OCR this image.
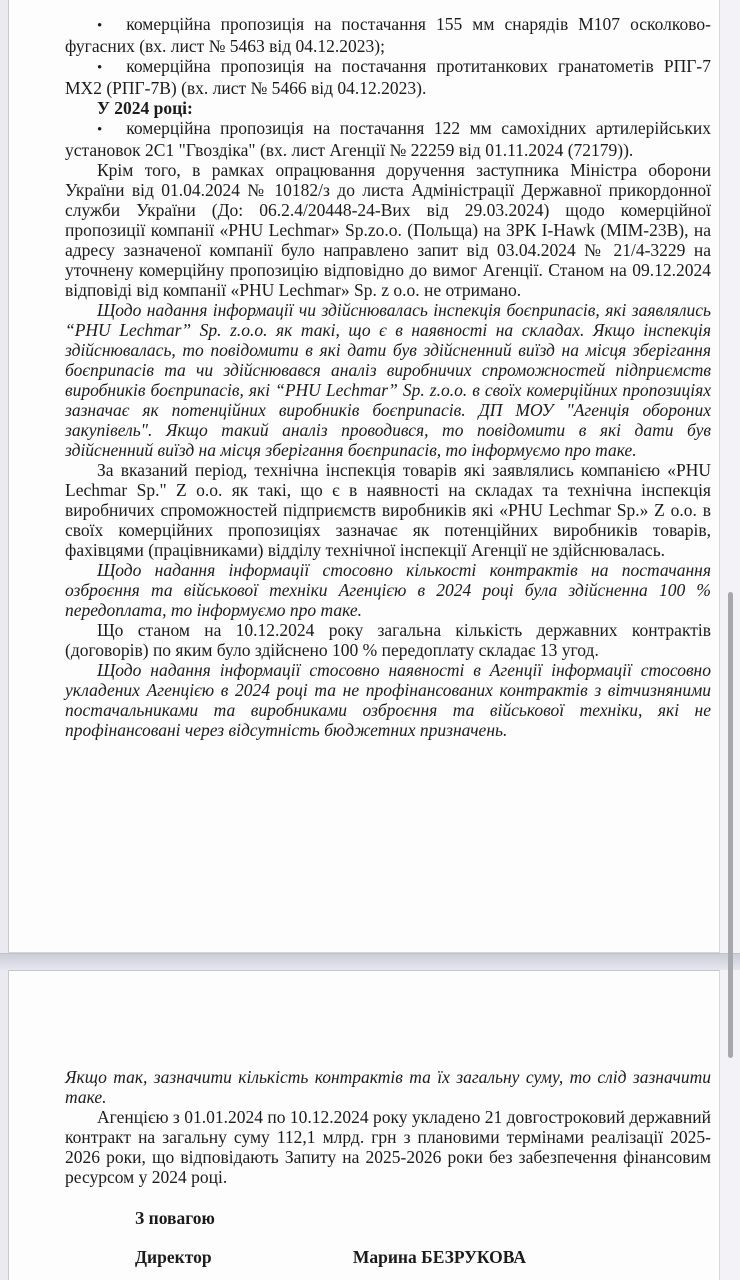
• комерційна пропозиція на постачання 155 мм снарядів М107 осколково-фугасних (вх. лист № 5463 від 04.12.2023);
• комерційна пропозиція на постачання протитанкових гранатометів РПГ-7 МХ2 (РПГ-7В) (вх. лист № 5466 від 04.12.2023).
У 2024 році:
• комерційна пропозиція на постачання 122 мм самохідних артилерійських установок 2С1 "Гвоздіка" (вх. лист Агенції № 22259 від 01.11.2024 (72179)).
Крім того, в рамках опрацювання доручення заступника Міністра оборони України від 01.04.2024 № 10182/з до листа Адміністрації Державної прикордонної служби України (До: 06.2.4/20448-24-Вих від 29.03.2024) щодо комерційної пропозиції компанії «PHU Lechmar» Sp.zo.o. (Польща) на ЗРК І-Hawk (МІМ-23В), на адресу зазначеної компанії було направлено запит від 03.04.2024 № 21/4-3229 на уточнену комерційну пропозицію відповідно до вимог Агенції. Станом на 09.12.2024 відповіді від компанії «PHU Lechmar» Sp. z о.о. не отримано.
Щодо надання інформації чи здійснювалась інспекція боєприпасів, які заявлялись “PHU Lechmar” Sp. z.o.o. як такі, що є в наявності на складах. Якщо інспекція здійснювалась, то повідомити в які дати був здійсненний виїзд на місця зберігання боєприпасів та чи здійснювався аналіз виробничих спроможностей підприємств виробників боєприпасів, які “PHU Lechmar” Sp. z.o.o. в своїх комерційних пропозиціях зазначає як потенційних виробників боєприпасів. ДП МОУ "Агенція обороних закупівель". Якщо такий аналіз проводився, то повідомити в які дати був здійсненний виїзд на місця зберігання боєприпасів, то інформуємо про таке.
За вказаний період, технічна інспекція товарів які заявлялись компанією «PHU Lechmar Sp." Z о.о. як такі, що є в наявності на складах та технічна інспекція виробничих спроможностей підприємств виробників які «PHU Lechmar Sp.» Z о.о. в своїх комерційних пропозиціях зазначає як потенційних виробників товарів, фахівцями (працівниками) відділу технічної інспекції Агенції не здійснювалась.
Щодо надання інформації стосовно кількості контрактів на постачання озброєння та військової техніки Агенцією в 2024 році була здійсненна 100 % передоплата, то інформуємо про таке.
Що станом на 10.12.2024 року загальна кількість державних контрактів (договорів) по яким було здійснено 100 % передоплату складає 13 угод.
Щодо надання інформації стосовно наявності в Агенції інформації стосовно укладених Агенцією в 2024 році та не профінансованих контрактів з вітчизняними постачальниками та виробниками озброєння та військової техніки, які не профінансовані через відсутність бюджетних призначень.
Якщо так, зазначити кількість контрактів та їх загальну суму, то слід зазначити таке.
Агенцією з 01.01.2024 по 10.12.2024 року укладено 21 довгостроковий державний контракт на загальну суму 112,1 млрд. грн з плановими термінами реалізації 2025-2026 роки, що відповідають Запиту на 2025-2026 роки без забезпечення фінансовим ресурсом у 2024 році.
З повагою
Директор	Марина БЕЗРУКОВА
